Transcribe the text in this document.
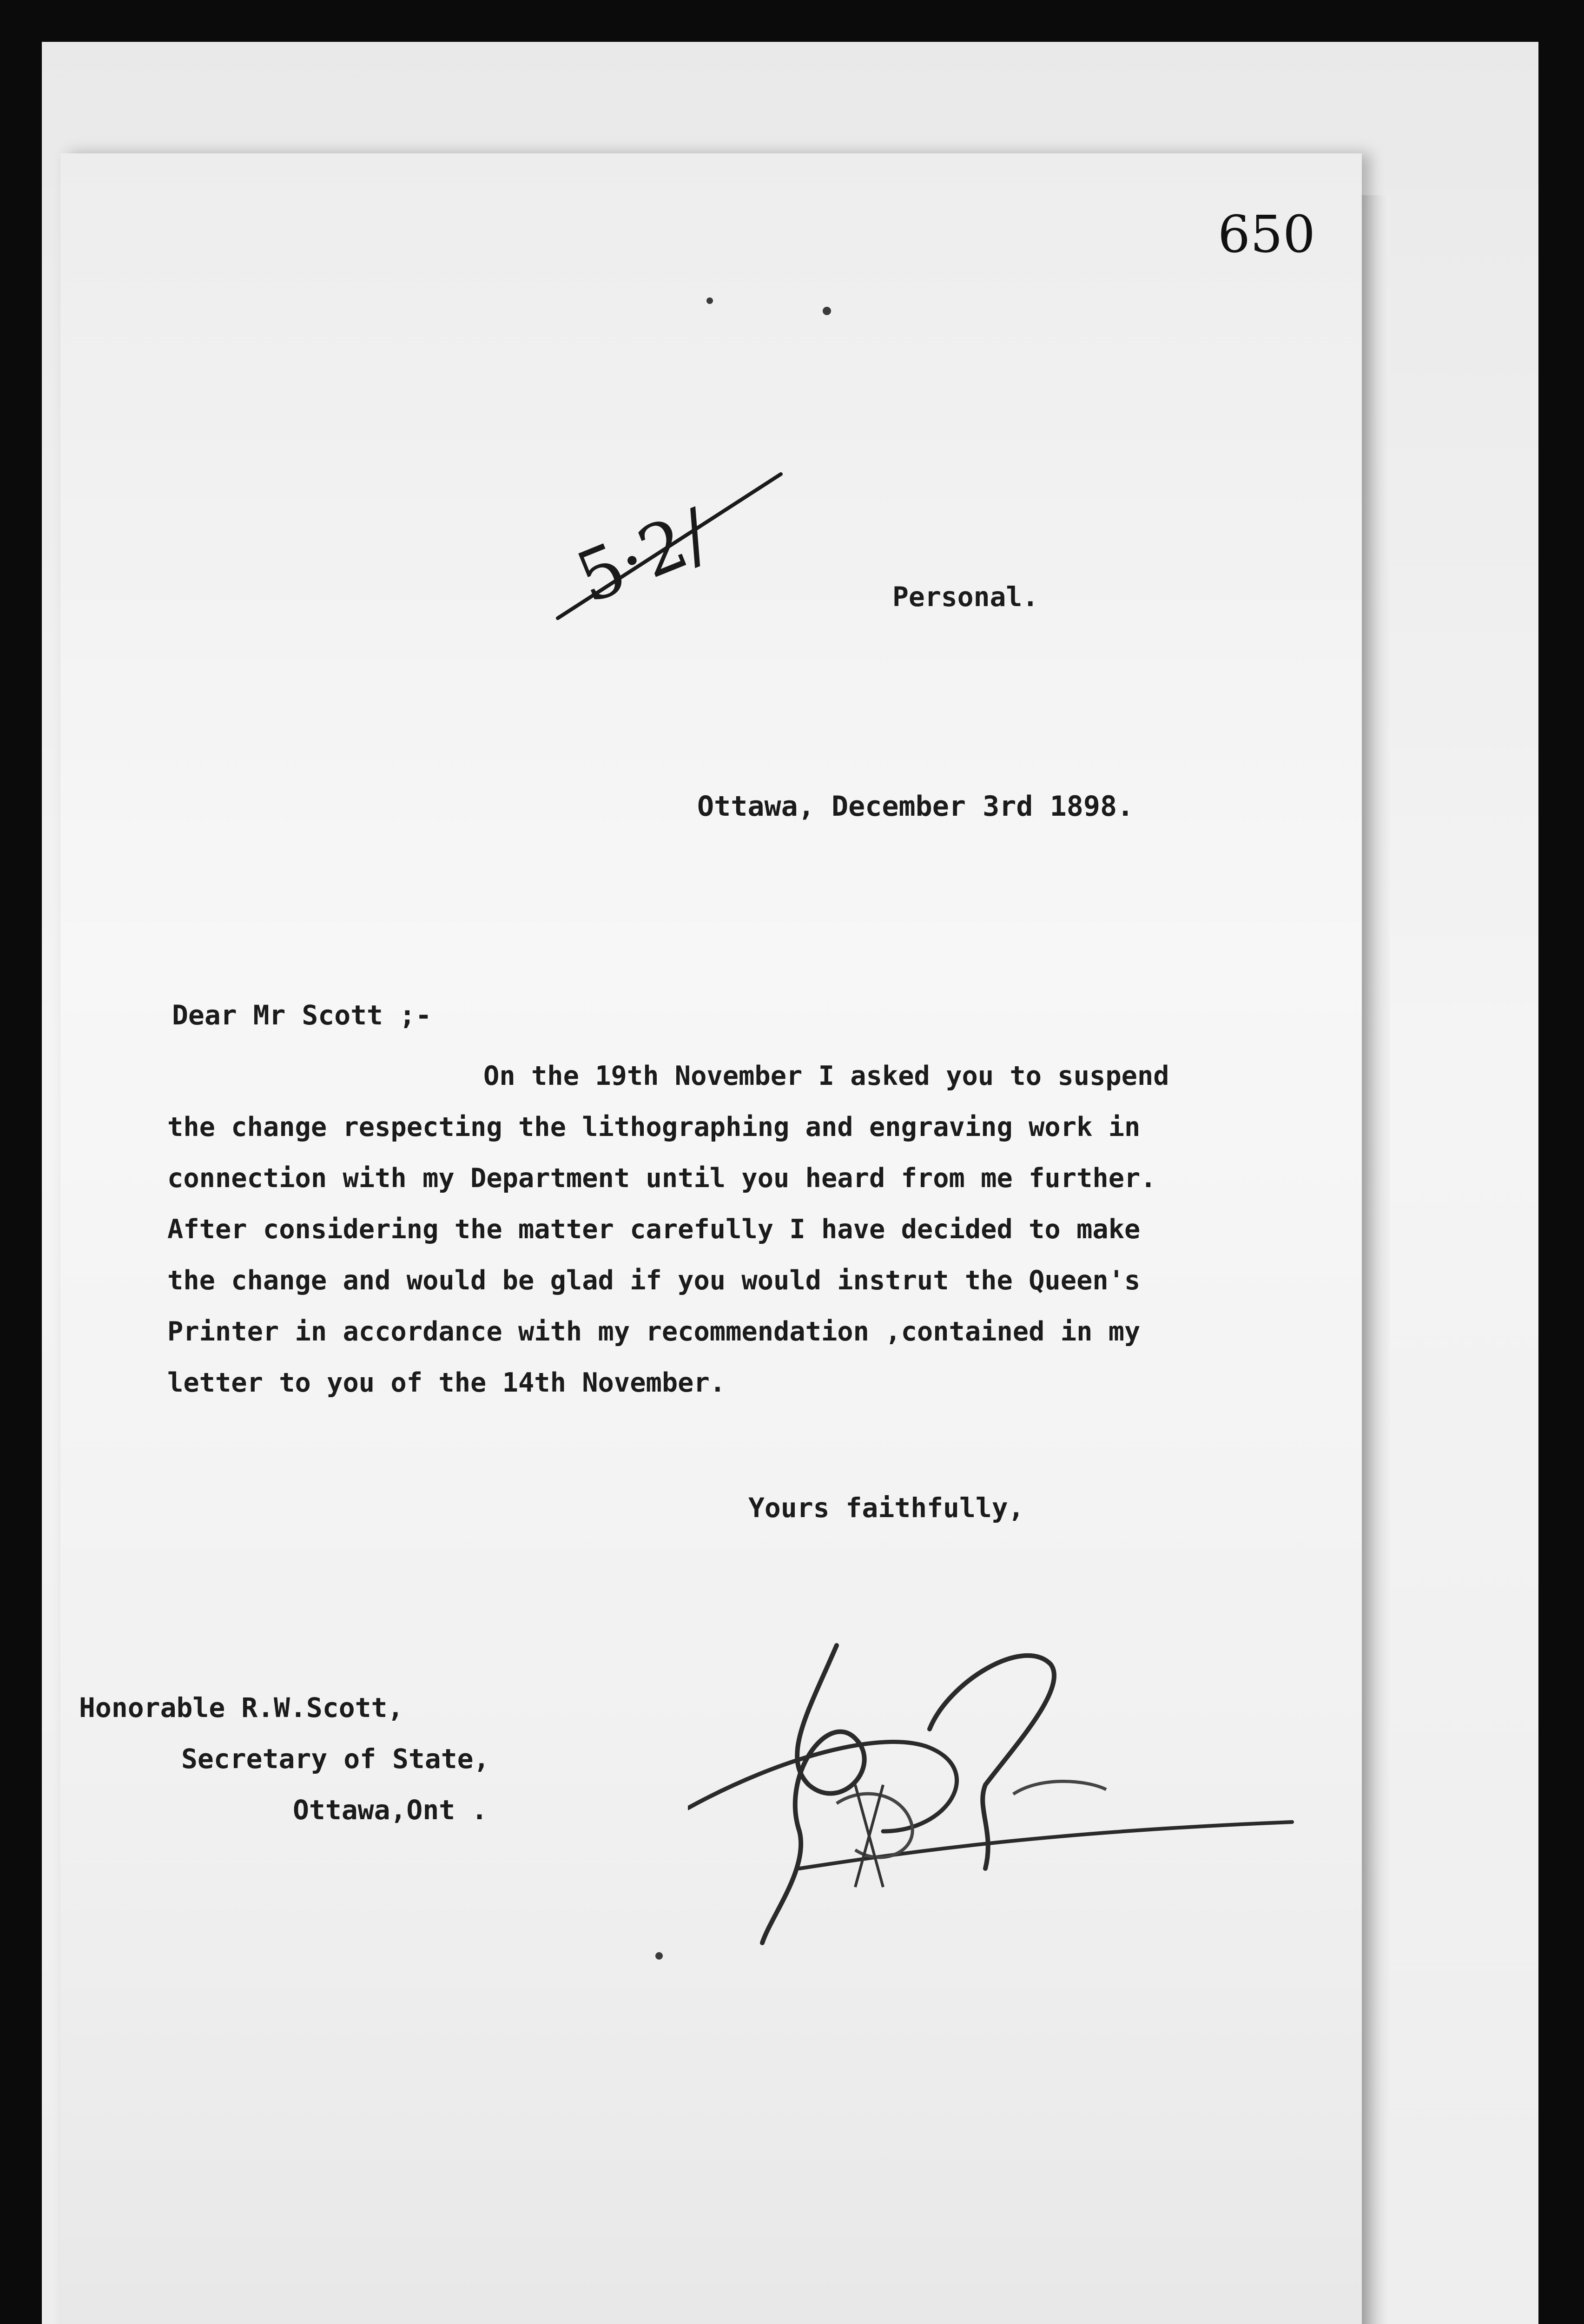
650
5·2/	Personal.
Ottawa, December 3rd 1898.
Dear Mr Scott ;-
On the 19th November I asked you to suspend
the change respecting the lithographing and engraving work in
connection with my Department until you heard from me further.
After considering the matter carefully I have decided to make
the change and would be glad if you would instrut the Queen's
Printer in accordance with my recommendation ,contained in my
letter to you of the 14th November.
Yours faithfully,
Honorable R.W.Scott,
Secretary of State,
Ottawa,Ont .
